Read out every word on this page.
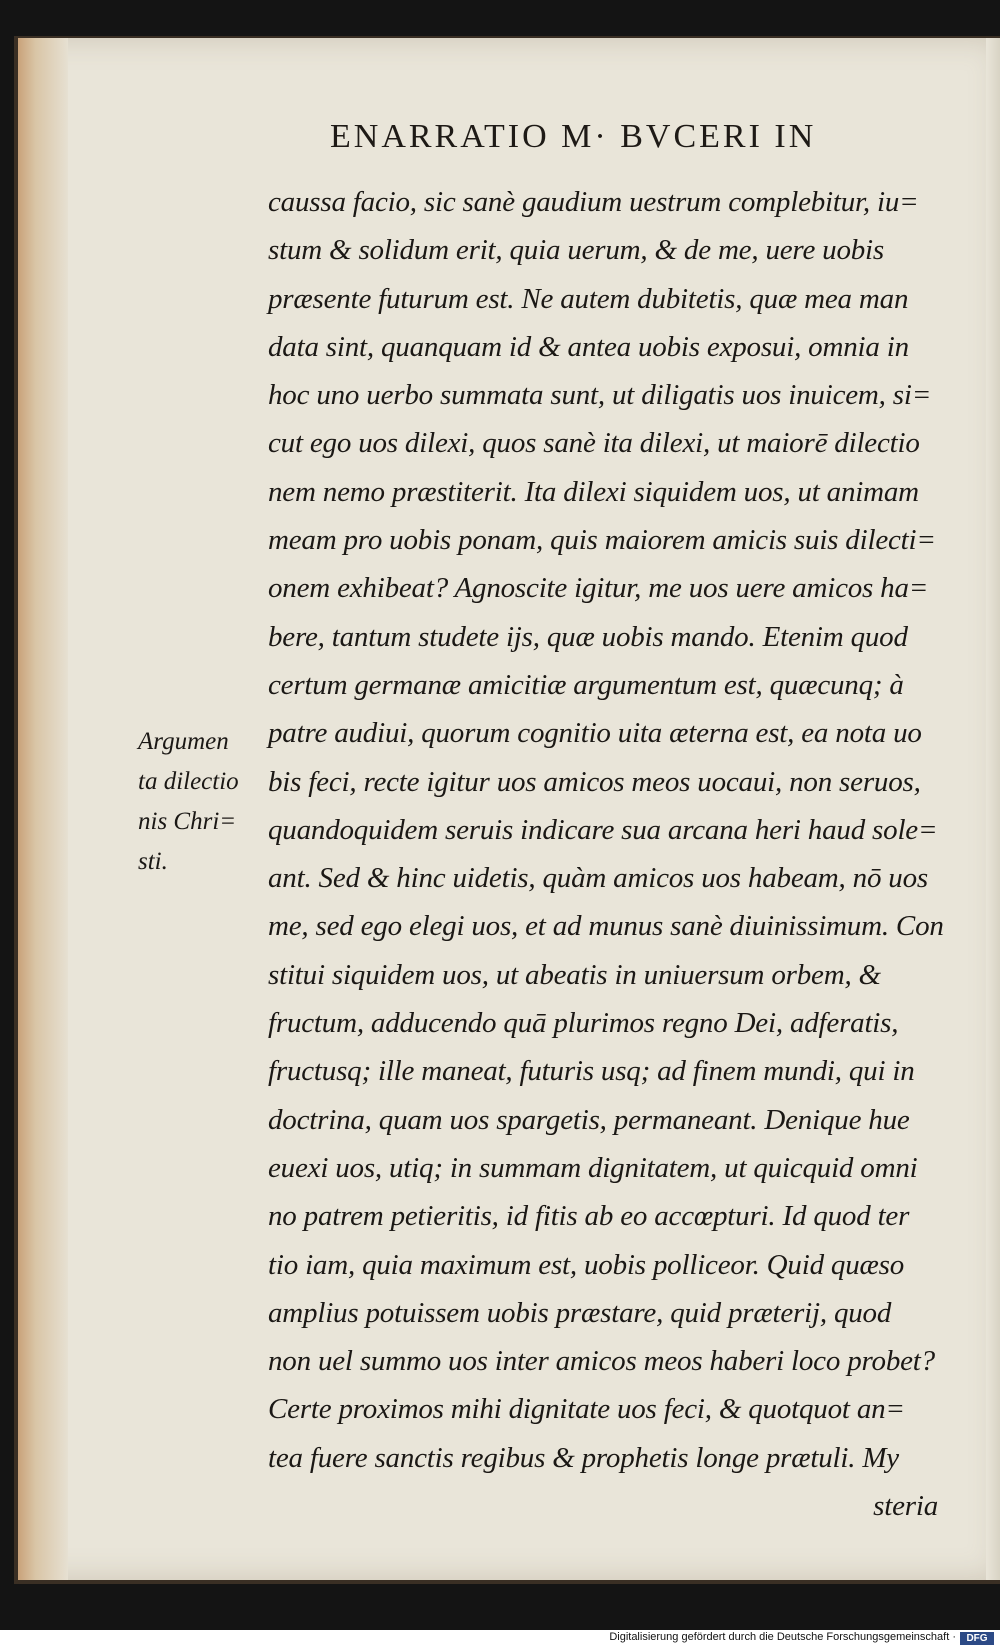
ENARRATIO M· BVCERI IN
caussa facio, sic sanè gaudium uestrum complebitur, iu=
stum & solidum erit, quia uerum, & de me, uere uobis
præsente futurum est. Ne autem dubitetis, quæ mea man
data sint, quanquam id & antea uobis exposui, omnia in
hoc uno uerbo summata sunt, ut diligatis uos inuicem, si=
cut ego uos dilexi, quos sanè ita dilexi, ut maiorē dilectio
nem nemo præstiterit. Ita dilexi siquidem uos, ut animam
meam pro uobis ponam, quis maiorem amicis suis dilecti=
onem exhibeat? Agnoscite igitur, me uos uere amicos ha=
bere, tantum studete ijs, quæ uobis mando. Etenim quod
certum germanæ amicitiæ argumentum est, quæcunq; à
patre audiui, quorum cognitio uita æterna est, ea nota uo
bis feci, recte igitur uos amicos meos uocaui, non seruos,
quandoquidem seruis indicare sua arcana heri haud sole=
ant. Sed & hinc uidetis, quàm amicos uos habeam, nō uos
me, sed ego elegi uos, et ad munus sanè diuinissimum. Con
stitui siquidem uos, ut abeatis in uniuersum orbem, &
fructum, adducendo quā plurimos regno Dei, adferatis,
fructusq; ille maneat, futuris usq; ad finem mundi, qui in
doctrina, quam uos spargetis, permaneant. Denique hue
euexi uos, utiq; in summam dignitatem, ut quicquid omni
no patrem petieritis, id fitis ab eo accœpturi. Id quod ter
tio iam, quia maximum est, uobis polliceor. Quid quæso
amplius potuissem uobis præstare, quid præterij, quod
non uel summo uos inter amicos meos haberi loco probet?
Certe proximos mihi dignitate uos feci, & quotquot an=
tea fuere sanctis regibus & prophetis longe prætuli. My
steria
Argumen
ta dilectio
nis Chri=
sti.
Digitalisierung gefördert durch die Deutsche Forschungsgemeinschaft ·	DFG
